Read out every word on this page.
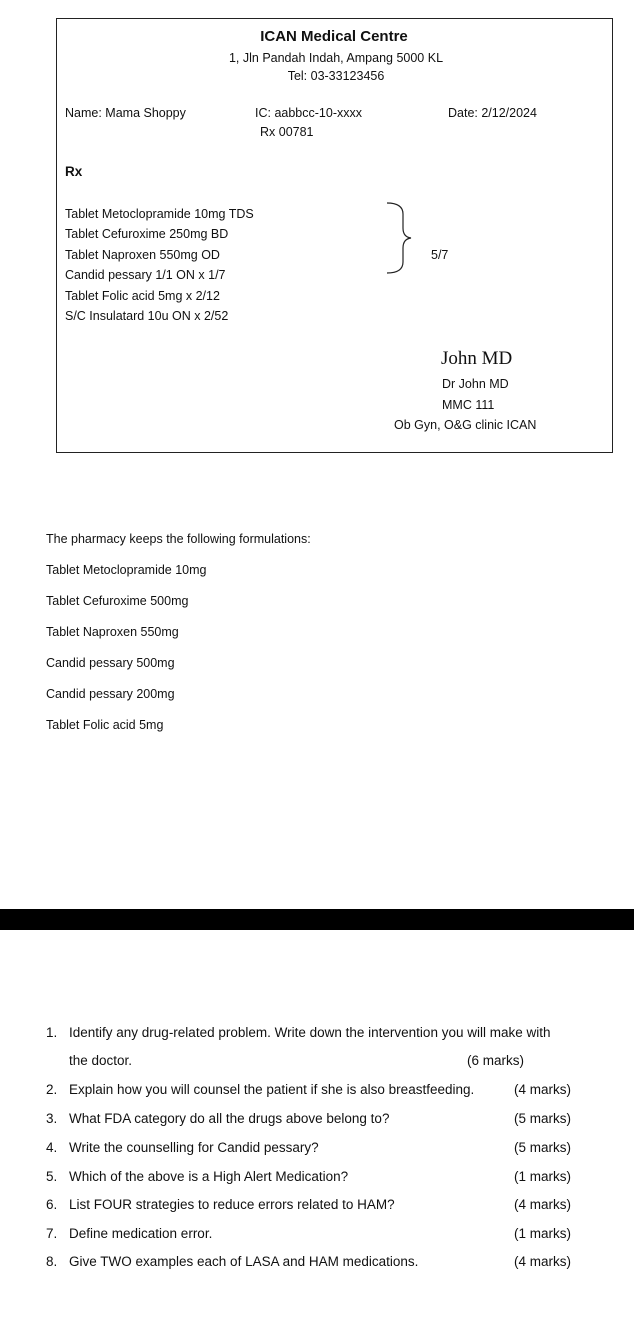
ICAN Medical Centre
1, Jln Pandah Indah, Ampang 5000 KL
Tel: 03-33123456
Name: Mama Shoppy	IC: aabbcc-10-xxxx
Rx 00781
Date: 2/12/2024
Rx
Tablet Metoclopramide 10mg TDS
Tablet Cefuroxime 250mg BD
Tablet Naproxen 550mg OD
Candid pessary 1/1 ON x 1/7
Tablet Folic acid 5mg x 2/12
S/C Insulatard 10u ON x 2/52
5/7
John MD
Dr John MD
MMC 111
Ob Gyn, O&G clinic ICAN
The pharmacy keeps the following formulations:
Tablet Metoclopramide 10mg
Tablet Cefuroxime 500mg
Tablet Naproxen 550mg
Candid pessary 500mg
Candid pessary 200mg
Tablet Folic acid 5mg
1. Identify any drug-related problem. Write down the intervention you will make with
the doctor.	(6 marks)
2. Explain how you will counsel the patient if she is also breastfeeding.	(4 marks)
3. What FDA category do all the drugs above belong to?	(5 marks)
4. Write the counselling for Candid pessary?	(5 marks)
5. Which of the above is a High Alert Medication?	(1 marks)
6. List FOUR strategies to reduce errors related to HAM?	(4 marks)
7. Define medication error.	(1 marks)
8. Give TWO examples each of LASA and HAM medications.	(4 marks)
